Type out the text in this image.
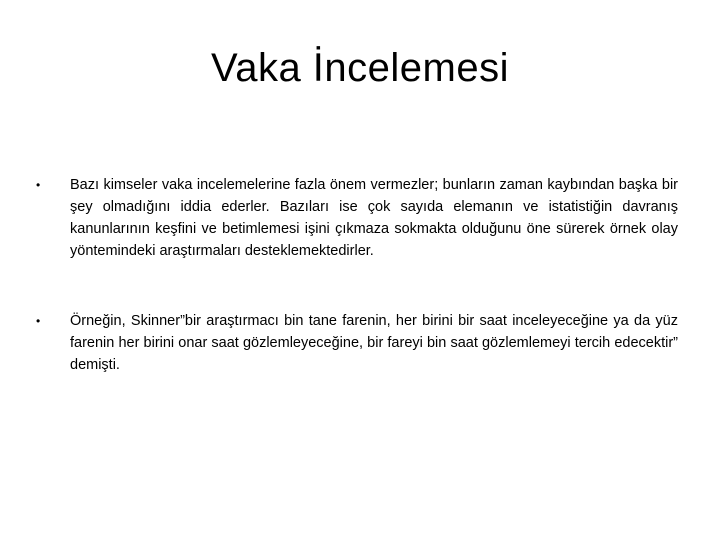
Vaka İncelemesi
•	Bazı kimseler vaka incelemelerine fazla önem vermezler; bunların zaman kaybından başka bir şey olmadığını iddia ederler. Bazıları ise çok sayıda elemanın ve istatistiğin davranış kanunlarının keşfini ve betimlemesi işini çıkmaza sokmakta olduğunu öne sürerek örnek olay yöntemindeki araştırmaları desteklemektedirler.
•	Örneğin, Skinner”bir araştırmacı bin tane farenin, her birini bir saat inceleyeceğine ya da yüz farenin her birini onar saat gözlemleyeceğine, bir fareyi bin saat gözlemlemeyi tercih edecektir” demişti.
